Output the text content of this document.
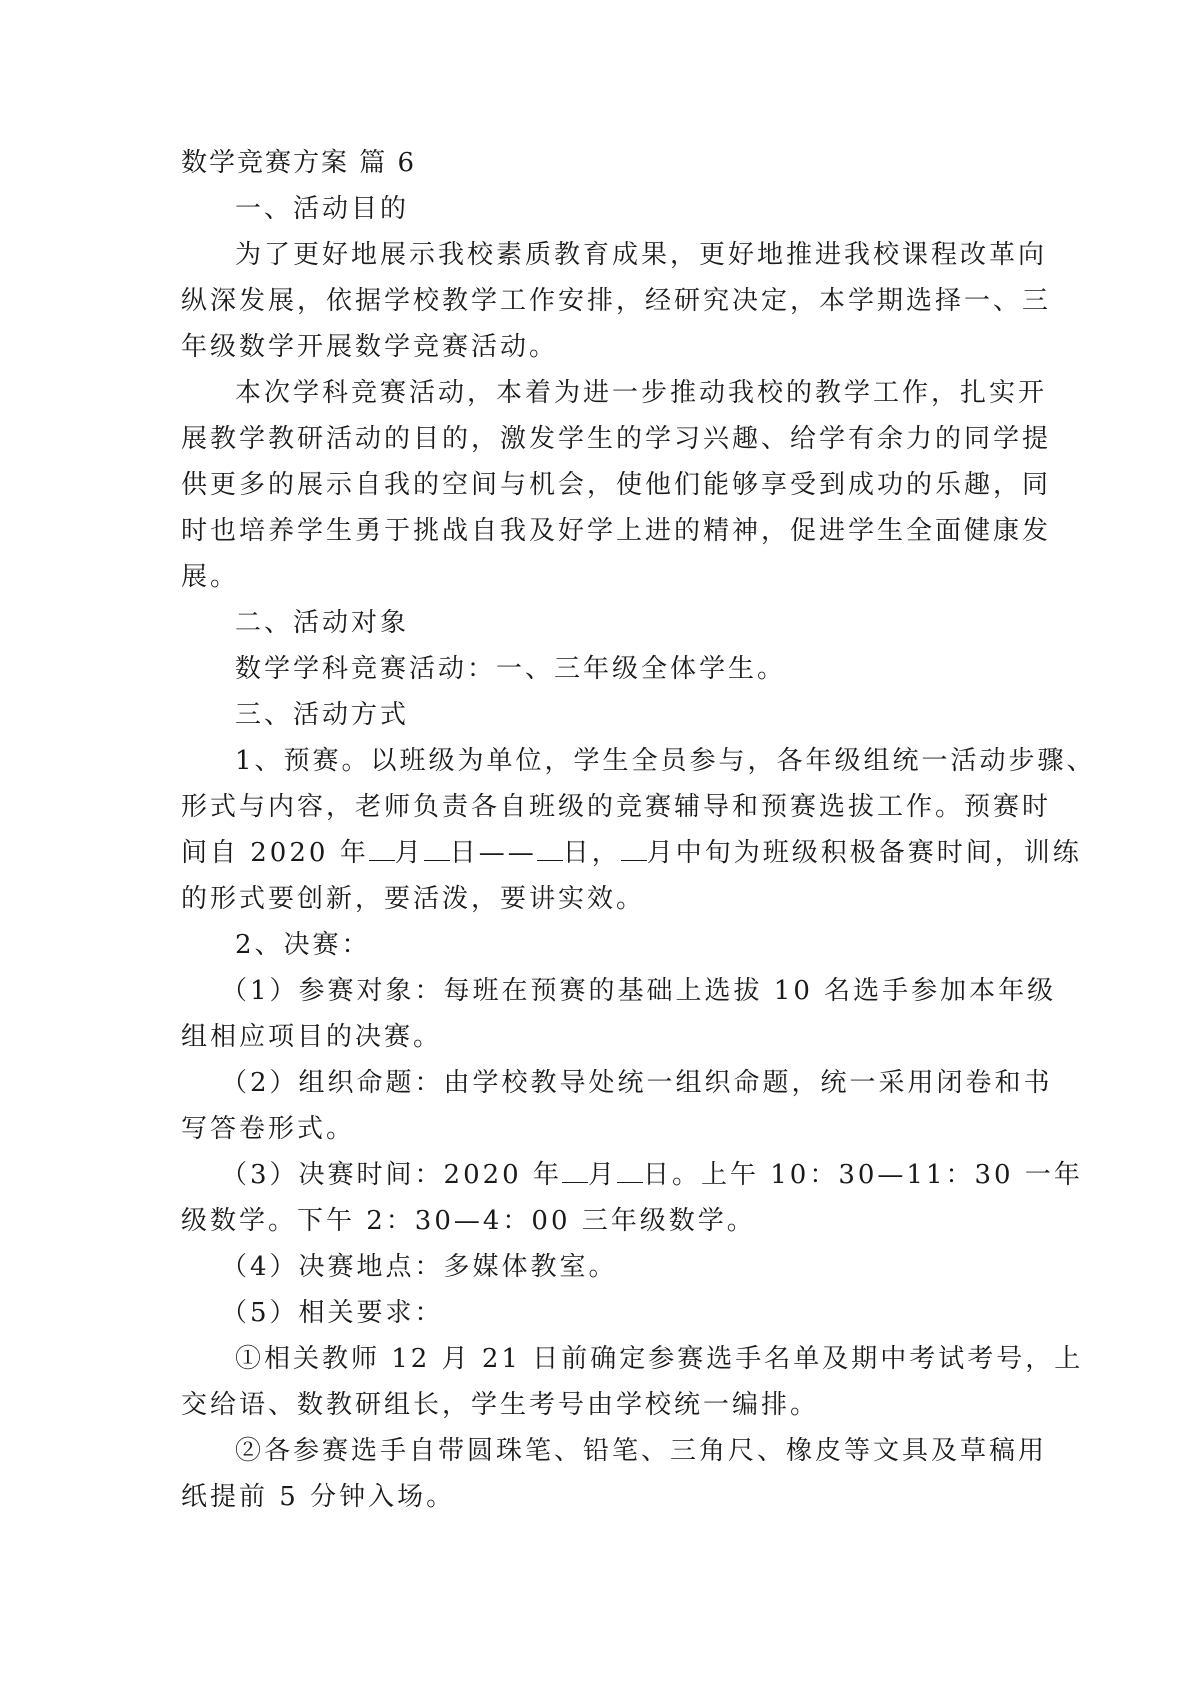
数学竞赛方案 篇 6

一、活动目的

为了更好地展示我校素质教育成果，更好地推进我校课程改革向

纵深发展，依据学校教学工作安排，经研究决定，本学期选择一、三

年级数学开展数学竞赛活动。

本次学科竞赛活动，本着为进一步推动我校的教学工作，扎实开

展教学教研活动的目的，激发学生的学习兴趣、给学有余力的同学提

供更多的展示自我的空间与机会，使他们能够享受到成功的乐趣，同

时也培养学生勇于挑战自我及好学上进的精神，促进学生全面健康发

展。

二、活动对象

数学学科竞赛活动：一、三年级全体学生。

三、活动方式

1、预赛。以班级为单位，学生全员参与，各年级组统一活动步骤、

形式与内容，老师负责各自班级的竞赛辅导和预赛选拔工作。预赛时

间自 2020 年 月 日—— 日， 月中旬为班级积极备赛时间，训练

的形式要创新，要活泼，要讲实效。

2、决赛：

（1）参赛对象：每班在预赛的基础上选拔 10 名选手参加本年级

组相应项目的决赛。

（2）组织命题：由学校教导处统一组织命题，统一采用闭卷和书

写答卷形式。

（3）决赛时间：2020 年 月 日。上午 10：30—11：30 一年

级数学。下午 2：30—4：00 三年级数学。

（4）决赛地点：多媒体教室。

（5）相关要求：

①相关教师 12 月 21 日前确定参赛选手名单及期中考试考号，上

交给语、数教研组长，学生考号由学校统一编排。

②各参赛选手自带圆珠笔、铅笔、三角尺、橡皮等文具及草稿用

纸提前 5 分钟入场。
